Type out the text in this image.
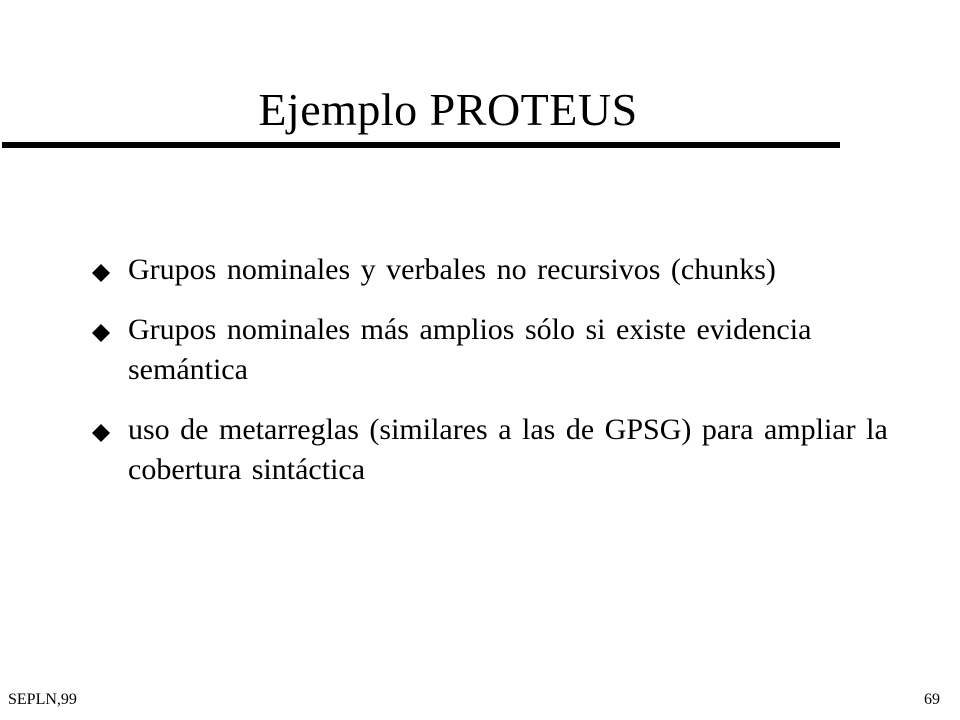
Ejemplo PROTEUS
Grupos nominales y verbales no recursivos (chunks)
Grupos nominales más amplios sólo si existe evidencia semántica
uso de metarreglas (similares a las de GPSG) para ampliar la cobertura sintáctica
SEPLN,99	69
